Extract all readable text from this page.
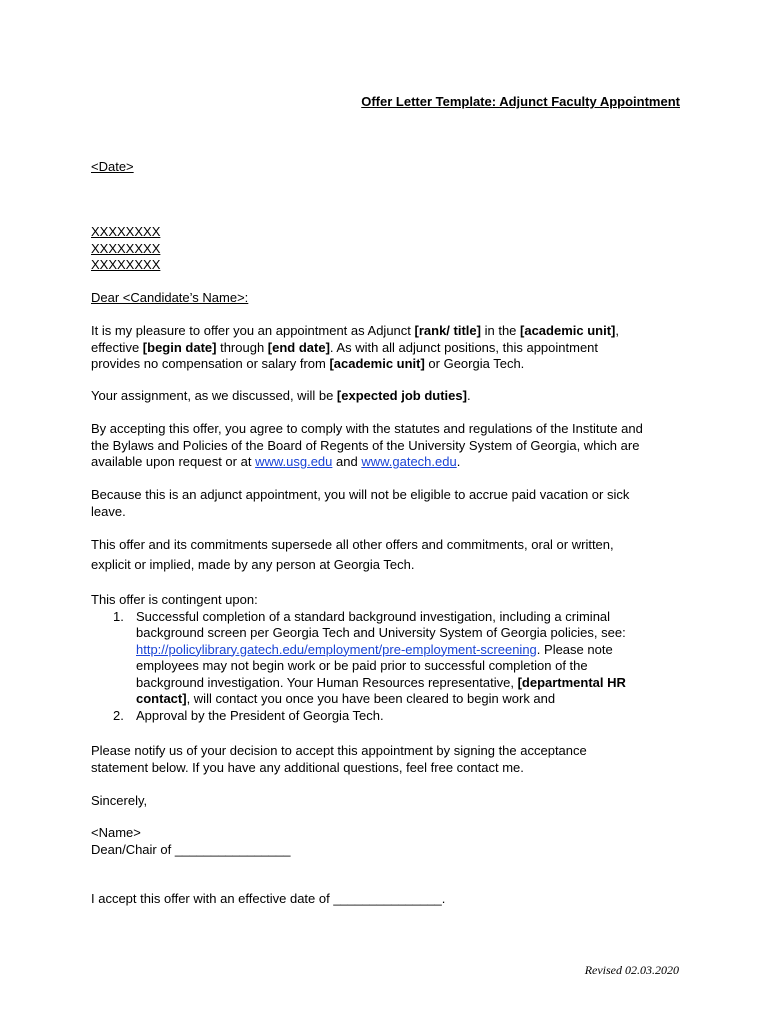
Offer Letter Template: Adjunct Faculty Appointment

<Date>

XXXXXXXX
XXXXXXXX
XXXXXXXX

Dear <Candidate’s Name>:

It is my pleasure to offer you an appointment as Adjunct [rank/ title] in the [academic unit],
effective [begin date] through [end date]. As with all adjunct positions, this appointment
provides no compensation or salary from [academic unit] or Georgia Tech.
Your assignment, as we discussed, will be [expected job duties].
By accepting this offer, you agree to comply with the statutes and regulations of the Institute and
the Bylaws and Policies of the Board of Regents of the University System of Georgia, which are
available upon request or at www.usg.edu and www.gatech.edu.
Because this is an adjunct appointment, you will not be eligible to accrue paid vacation or sick
leave.
This offer and its commitments supersede all other offers and commitments, oral or written,
explicit or implied, made by any person at Georgia Tech.
This offer is contingent upon:
1. Successful completion of a standard background investigation, including a criminal
background screen per Georgia Tech and University System of Georgia policies, see:
http://policylibrary.gatech.edu/employment/pre-employment-screening. Please note
employees may not begin work or be paid prior to successful completion of the
background investigation. Your Human Resources representative, [departmental HR
contact], will contact you once you have been cleared to begin work and
2. Approval by the President of Georgia Tech.
Please notify us of your decision to accept this appointment by signing the acceptance
statement below. If you have any additional questions, feel free contact me.

Sincerely,

<Name>
Dean/Chair of ________________

I accept this offer with an effective date of _______________.

Revised 02.03.2020
